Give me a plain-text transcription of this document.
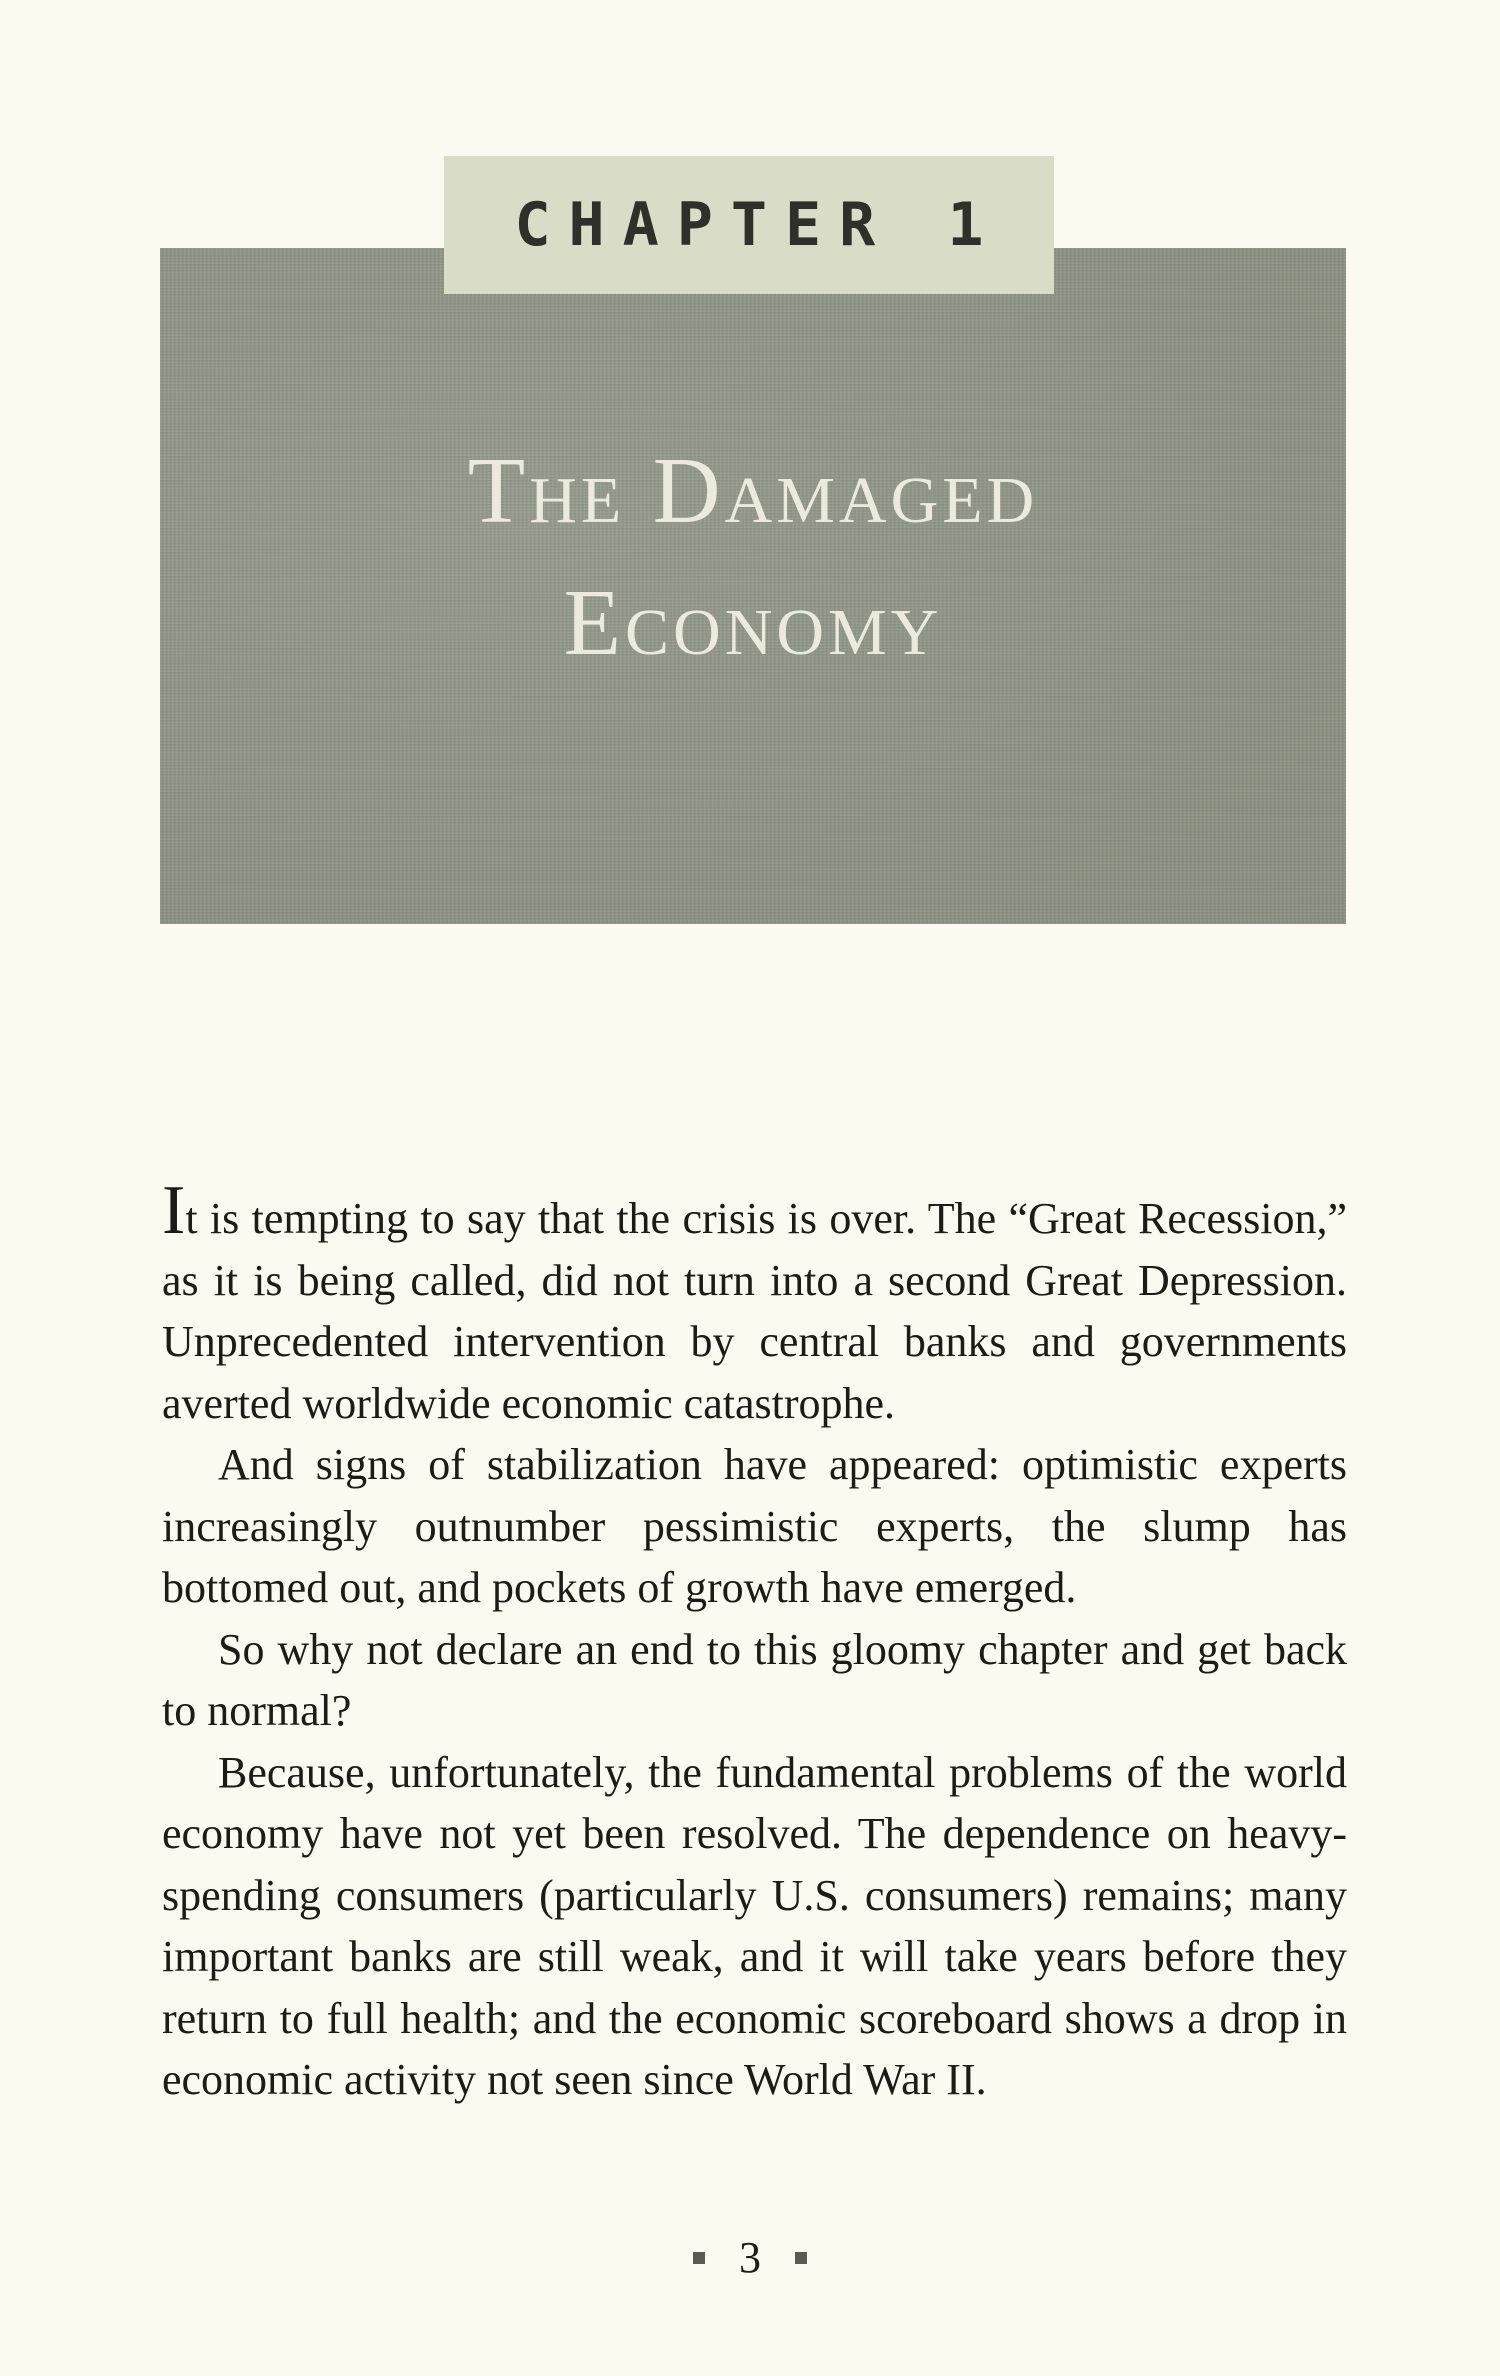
CHAPTER 1
The Damaged
Economy

It is tempting to say that the crisis is over. The “Great Recession,” as it is being called, did not turn into a second Great Depression. Unprecedented intervention by central banks and governments averted worldwide economic catastrophe.

And signs of stabilization have appeared: optimistic experts increasingly outnumber pessimistic experts, the slump has bottomed out, and pockets of growth have emerged.

So why not declare an end to this gloomy chapter and get back to normal?

Because, unfortunately, the fundamental problems of the world economy have not yet been resolved. The dependence on heavy-spending consumers (particularly U.S. consumers) remains; many important banks are still weak, and it will take years before they return to full health; and the economic scoreboard shows a drop in economic activity not seen since World War II.

3
